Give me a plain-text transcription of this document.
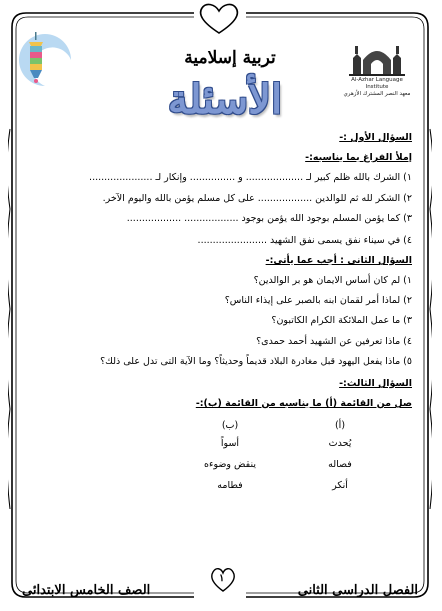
١
Al-Azhar Language Institute
معهد النصر المشترك الأزهري
تربية إسلامية
الأسئلة
السؤال الأول :-
إملأ الفراغ بما يناسبه:-
١) الشرك بالله ظلم كبير لـ ................... و ............... وإنكار لـ .....................
٢) الشكر لله ثم للوالدين .................. على كل مسلم يؤمن بالله واليوم الآخر.
٣) كما يؤمن المسلم بوجود الله يؤمن بوجود .................. ..................
٤) في سيناء نفق يسمى نفق الشهيد .......................
السؤال الثانى : أجب عما يأتى:-
١) لم كان أساس الايمان هو بر الوالدين؟
٢) لماذا أمر لقمان ابنه بالصبر على إيذاء الناس؟
٣) ما عمل الملائكة الكرام الكاتبون؟
٤) ماذا تعرفين عن الشهيد أحمد حمدى؟
٥) ماذا يفعل اليهود قبل مغادرة البلاد قديماً وحديثاً؟ وما الآية التى تدل على ذلك؟
السؤال الثالث:-
صل من القائمة (أ) ما يناسبه من القائمة (ب):-
(أ)
(ب)
يُحدث
فصاله
أنكر
أسواً
ينقض وضوءه
فطامه
الفصل الدراسى الثانى
الصف الخامس الابتدائى
